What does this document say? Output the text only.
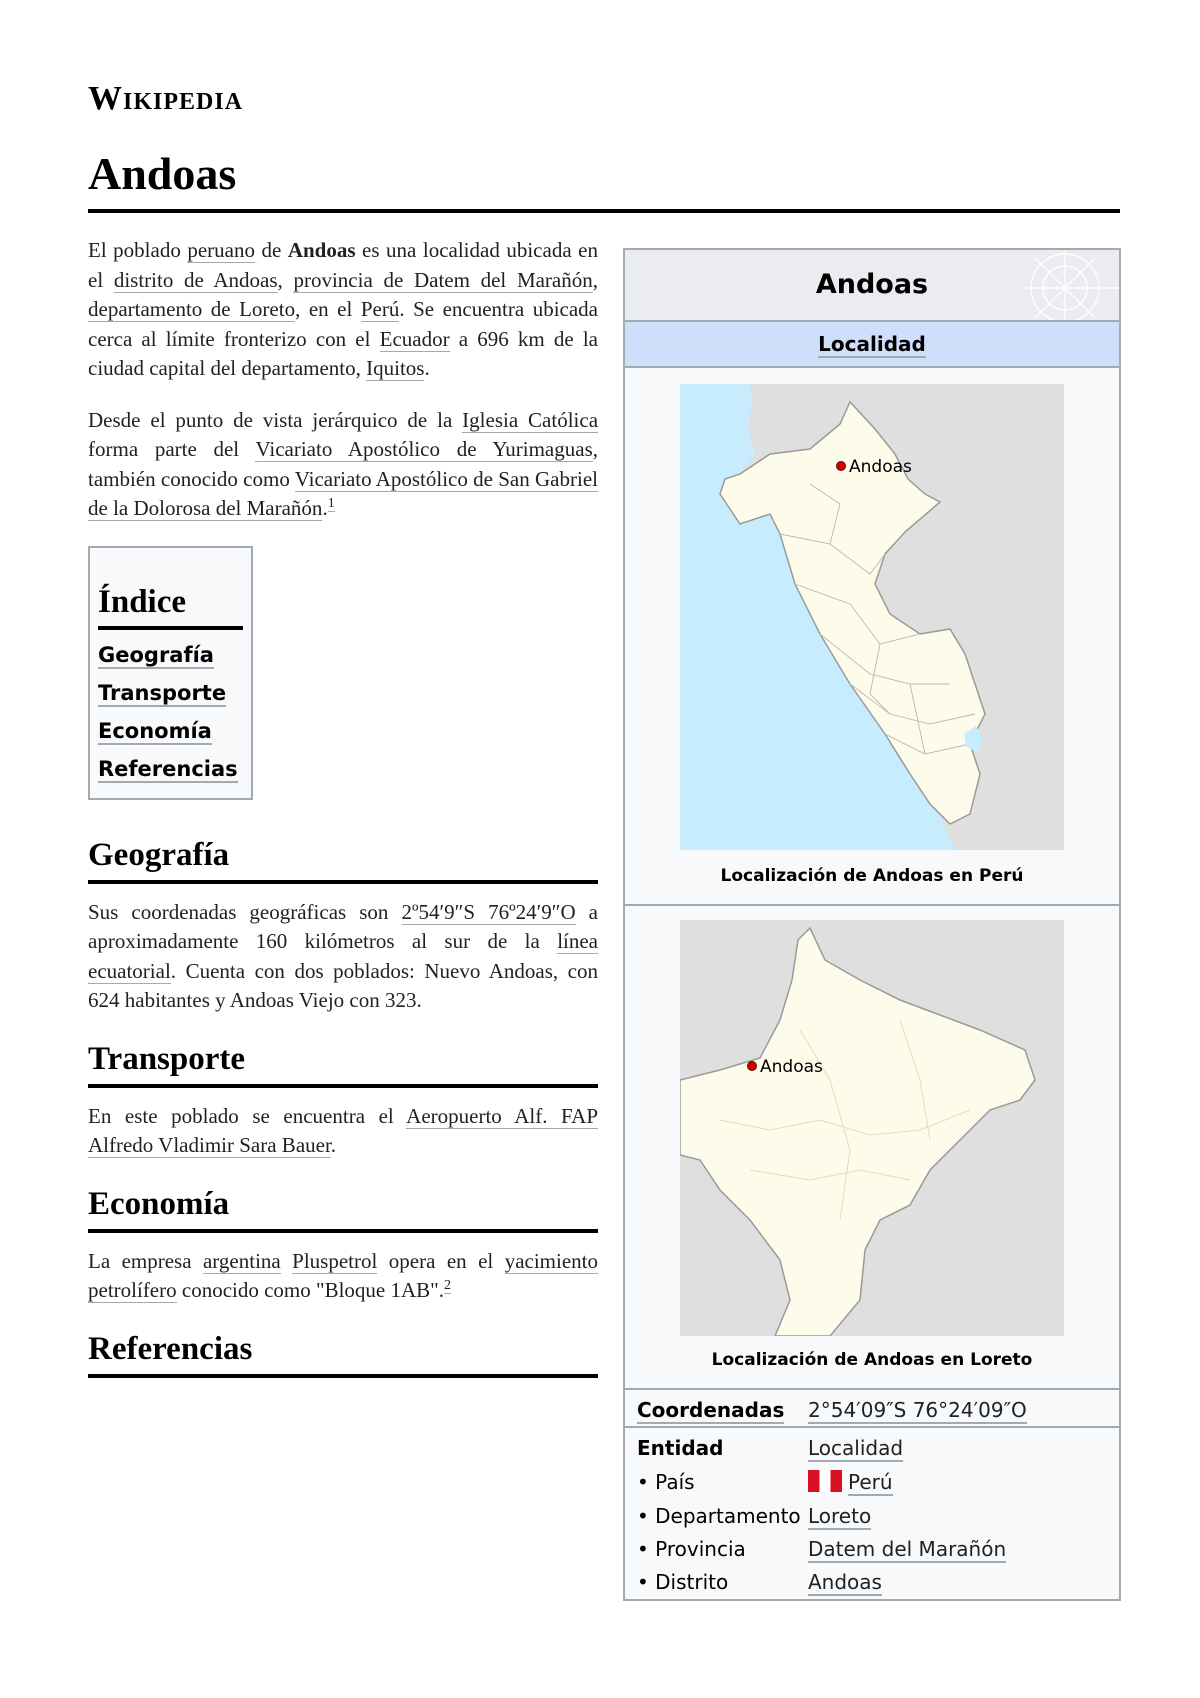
Wikipedia
Andoas

El poblado peruano de Andoas es una localidad ubicada en el distrito de Andoas, provincia de Datem del Marañón, departamento de Loreto, en el Perú. Se encuentra ubicada cerca al límite fronterizo con el Ecuador a 696 km de la ciudad capital del departamento, Iquitos.

Desde el punto de vista jerárquico de la Iglesia Católica forma parte del Vicariato Apostólico de Yurimaguas, también conocido como Vicariato Apostólico de San Gabriel de la Dolorosa del Marañón.$^1$

Índice
Geografía
Transporte
Economía
Referencias
Geografía

Sus coordenadas geográficas son 2º54′9″S 76º24′9″O a aproximadamente 160 kilómetros al sur de la línea ecuatorial. Cuenta con dos poblados: Nuevo Andoas, con 624 habitantes y Andoas Viejo con 323.

Transporte

En este poblado se encuentra el Aeropuerto Alf. FAP Alfredo Vladimir Sara Bauer.

Economía

La empresa argentina Pluspetrol opera en el yacimiento petrolífero conocido como "Bloque 1AB".$^2$

Referencias
Andoas
Localidad
Andoas
Localización de Andoas en Perú
Andoas
Localización de Andoas en Loreto
Coordenadas 2°54′09″S 76°24′09″O
Entidad	Localidad
• País	Perú
• Departamento Loreto
• Provincia	Datem del Marañón
• Distrito	Andoas
